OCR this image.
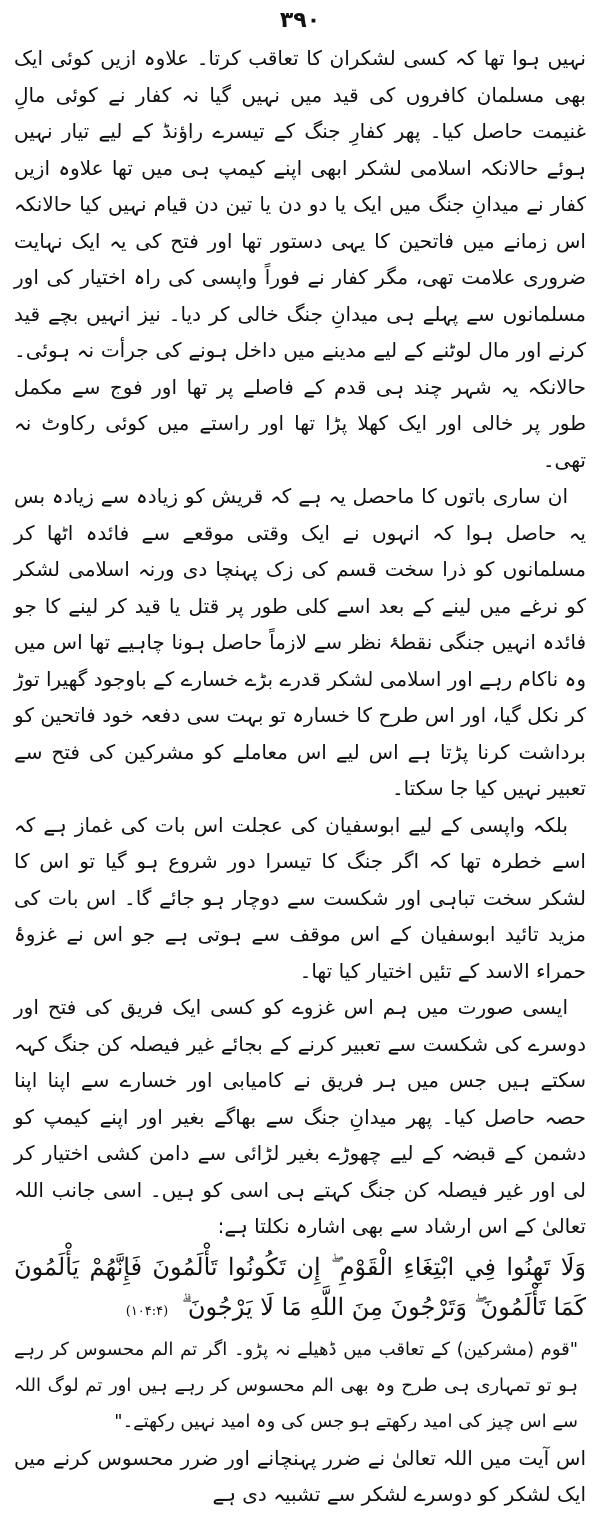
۳۹۰

نہیں ہوا تھا کہ کسی لشکران کا تعاقب کرتا۔ علاوہ ازیں کوئی ایک بھی مسلمان کافروں کی قید میں نہیں گیا نہ کفار نے کوئی مالِ غنیمت حاصل کیا۔ پھر کفارِ جنگ کے تیسرے راؤنڈ کے لیے تیار نہیں ہوئے حالانکہ اسلامی لشکر ابھی اپنے کیمپ ہی میں تھا علاوہ ازیں کفار نے میدانِ جنگ میں ایک یا دو دن یا تین دن قیام نہیں کیا حالانکہ اس زمانے میں فاتحین کا یہی دستور تھا اور فتح کی یہ ایک نہایت ضروری علامت تھی، مگر کفار نے فوراً واپسی کی راہ اختیار کی اور مسلمانوں سے پہلے ہی میدانِ جنگ خالی کر دیا۔ نیز انہیں بچے قید کرنے اور مال لوٹنے کے لیے مدینے میں داخل ہونے کی جرأت نہ ہوئی۔ حالانکہ یہ شہر چند ہی قدم کے فاصلے پر تھا اور فوج سے مکمل طور پر خالی اور ایک کھلا پڑا تھا اور راستے میں کوئی رکاوٹ نہ تھی۔

ان ساری باتوں کا ماحصل یہ ہے کہ قریش کو زیادہ سے زیادہ بس یہ حاصل ہوا کہ انہوں نے ایک وقتی موقعے سے فائدہ اٹھا کر مسلمانوں کو ذرا سخت قسم کی زک پہنچا دی ورنہ اسلامی لشکر کو نرغے میں لینے کے بعد اسے کلی طور پر قتل یا قید کر لینے کا جو فائدہ انہیں جنگی نقطۂ نظر سے لازماً حاصل ہونا چاہیے تھا اس میں وہ ناکام رہے اور اسلامی لشکر قدرے بڑے خسارے کے باوجود گھیرا توڑ کر نکل گیا، اور اس طرح کا خسارہ تو بہت سی دفعہ خود فاتحین کو برداشت کرنا پڑتا ہے اس لیے اس معاملے کو مشرکین کی فتح سے تعبیر نہیں کیا جا سکتا۔

بلکہ واپسی کے لیے ابوسفیان کی عجلت اس بات کی غماز ہے کہ اسے خطرہ تھا کہ اگر جنگ کا تیسرا دور شروع ہو گیا تو اس کا لشکر سخت تباہی اور شکست سے دوچار ہو جائے گا۔ اس بات کی مزید تائید ابوسفیان کے اس موقف سے ہوتی ہے جو اس نے غزوۂ حمراء الاسد کے تئیں اختیار کیا تھا۔

ایسی صورت میں ہم اس غزوے کو کسی ایک فریق کی فتح اور دوسرے کی شکست سے تعبیر کرنے کے بجائے غیر فیصلہ کن جنگ کہہ سکتے ہیں جس میں ہر فریق نے کامیابی اور خسارے سے اپنا اپنا حصہ حاصل کیا۔ پھر میدانِ جنگ سے بھاگے بغیر اور اپنے کیمپ کو دشمن کے قبضہ کے لیے چھوڑے بغیر لڑائی سے دامن کشی اختیار کر لی اور غیر فیصلہ کن جنگ کہتے ہی اسی کو ہیں۔ اسی جانب اللہ تعالیٰ کے اس ارشاد سے بھی اشارہ نکلتا ہے:

وَلَا تَهِنُوا فِي ابْتِغَاءِ الْقَوْمِ ۖ إِن تَكُونُوا تَأْلَمُونَ فَإِنَّهُمْ يَأْلَمُونَ كَمَا تَأْلَمُونَ ۖ وَتَرْجُونَ مِنَ اللَّهِ مَا لَا يَرْجُونَ ۗ (۱۰۴:۴)

"قوم (مشرکین) کے تعاقب میں ڈھیلے نہ پڑو۔ اگر تم الم محسوس کر رہے ہو تو تمہاری ہی طرح وہ بھی الم محسوس کر رہے ہیں اور تم لوگ اللہ سے اس چیز کی امید رکھتے ہو جس کی وہ امید نہیں رکھتے۔"

اس آیت میں اللہ تعالیٰ نے ضرر پہنچانے اور ضرر محسوس کرنے میں ایک لشکر کو دوسرے لشکر سے تشبیہ دی ہے
